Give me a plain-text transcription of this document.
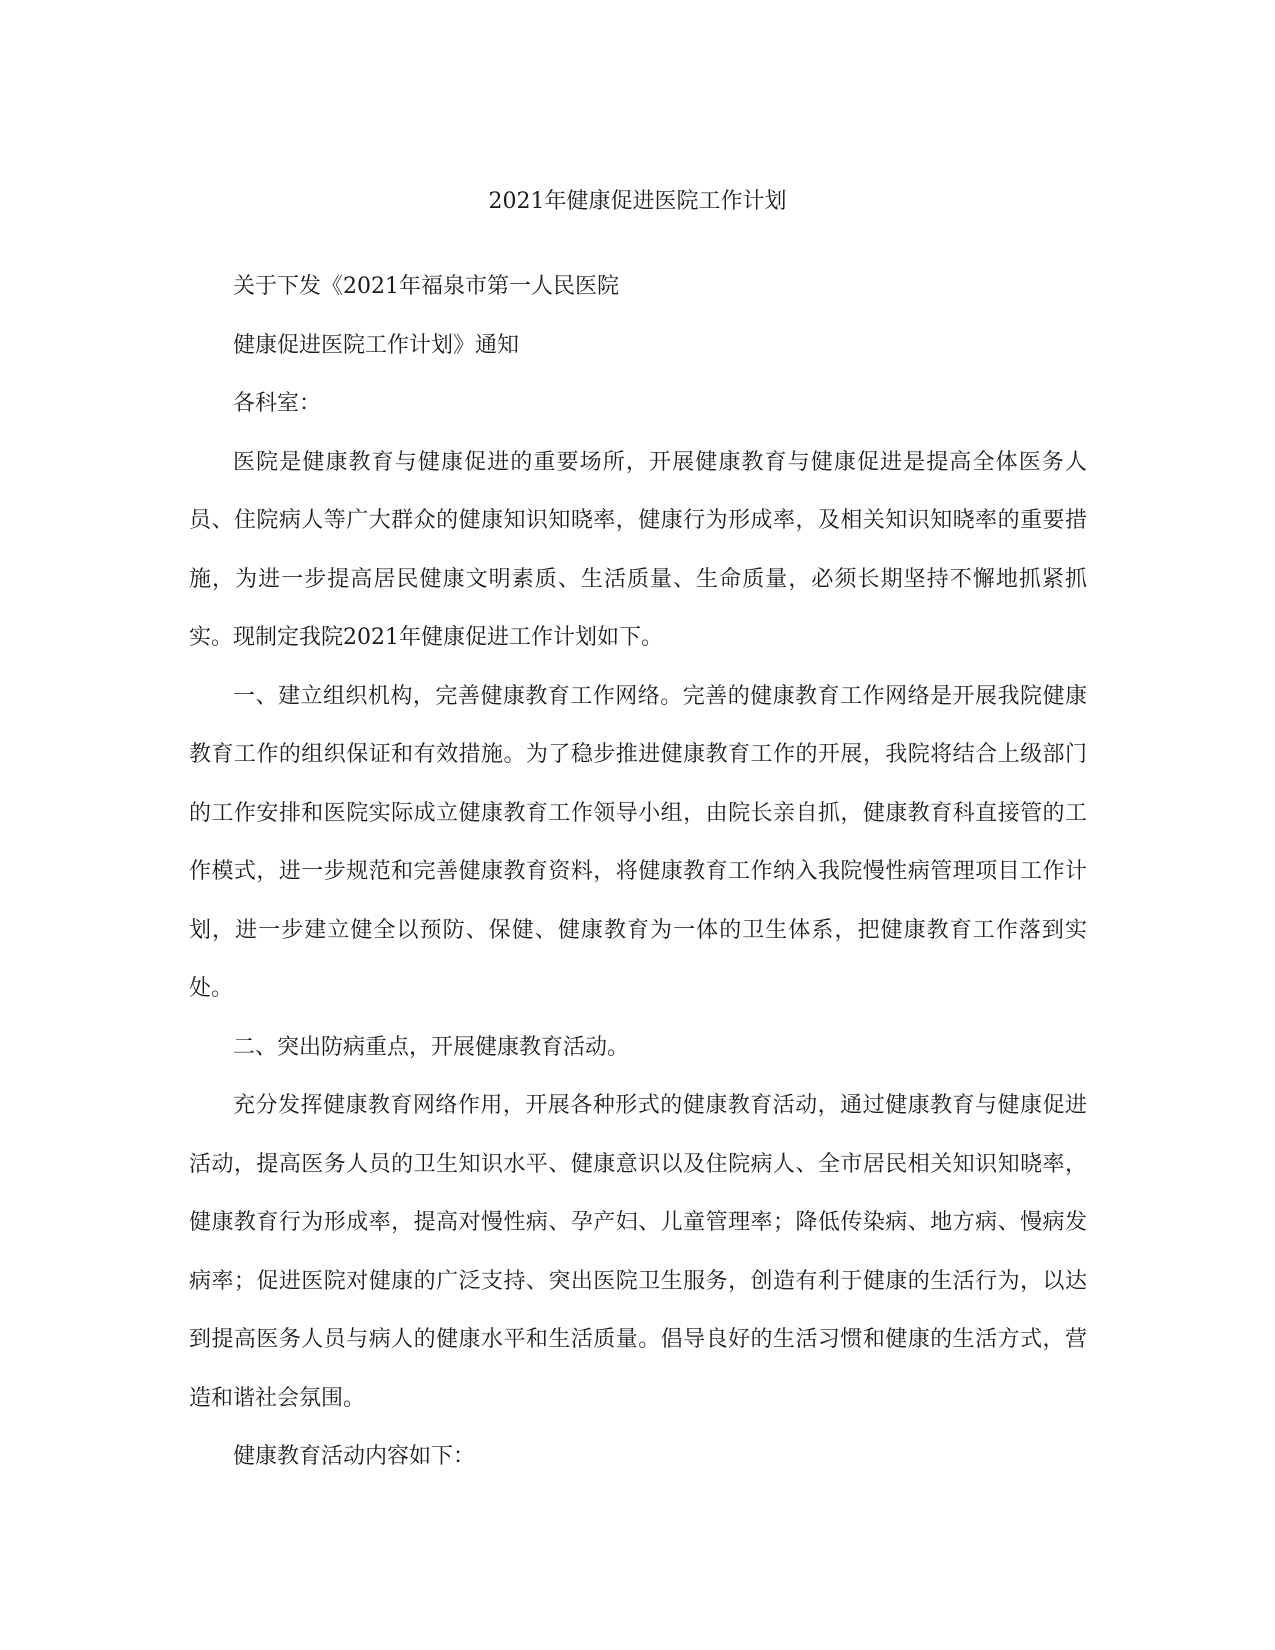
2021年健康促进医院工作计划

关于下发《2021年福泉市第一人民医院

健康促进医院工作计划》通知

各科室：

医院是健康教育与健康促进的重要场所，开展健康教育与健康促进是提高全体医务人员、住院病人等广大群众的健康知识知晓率，健康行为形成率，及相关知识知晓率的重要措施，为进一步提高居民健康文明素质、生活质量、生命质量，必须长期坚持不懈地抓紧抓实。现制定我院2021年健康促进工作计划如下。

一、建立组织机构，完善健康教育工作网络。完善的健康教育工作网络是开展我院健康教育工作的组织保证和有效措施。为了稳步推进健康教育工作的开展，我院将结合上级部门的工作安排和医院实际成立健康教育工作领导小组，由院长亲自抓，健康教育科直接管的工作模式，进一步规范和完善健康教育资料，将健康教育工作纳入我院慢性病管理项目工作计划，进一步建立健全以预防、保健、健康教育为一体的卫生体系，把健康教育工作落到实处。

二、突出防病重点，开展健康教育活动。

充分发挥健康教育网络作用，开展各种形式的健康教育活动，通过健康教育与健康促进活动，提高医务人员的卫生知识水平、健康意识以及住院病人、全市居民相关知识知晓率，健康教育行为形成率，提高对慢性病、孕产妇、儿童管理率；降低传染病、地方病、慢病发病率；促进医院对健康的广泛支持、突出医院卫生服务，创造有利于健康的生活行为，以达到提高医务人员与病人的健康水平和生活质量。倡导良好的生活习惯和健康的生活方式，营造和谐社会氛围。

健康教育活动内容如下：
